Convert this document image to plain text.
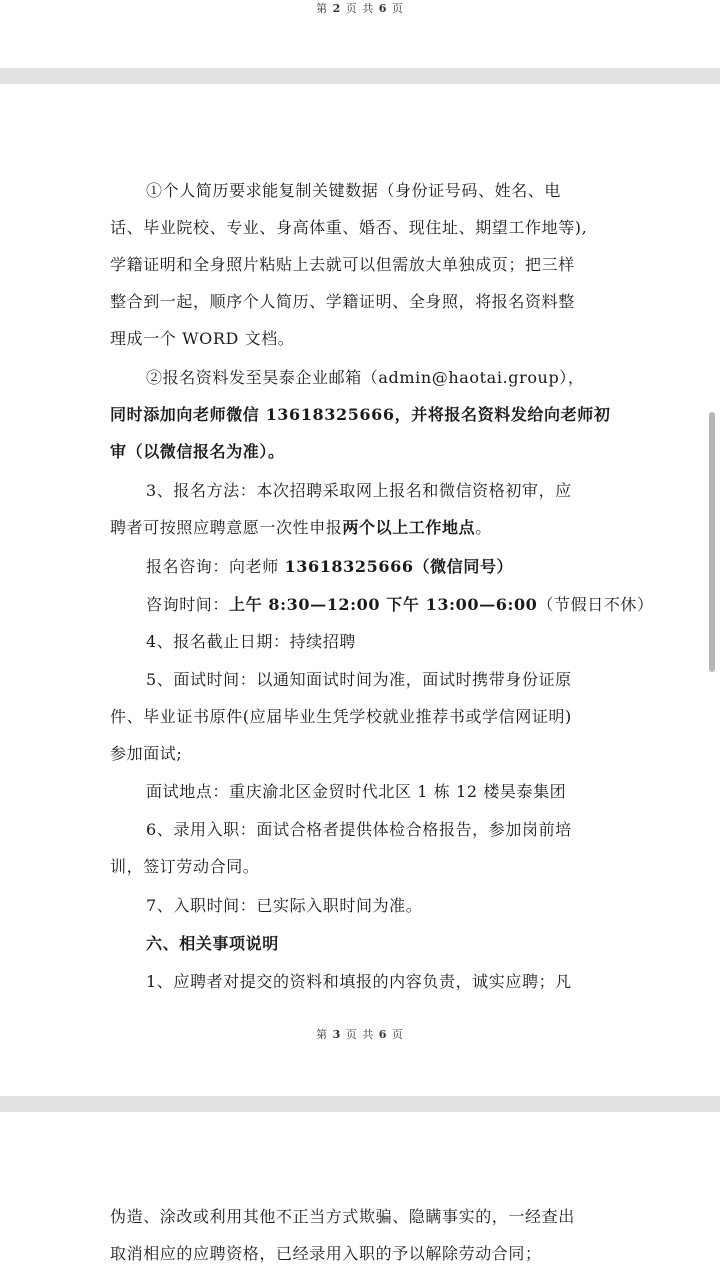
第 2 页 共 6 页
①个人简历要求能复制关键数据（身份证号码、姓名、电
话、毕业院校、专业、身高体重、婚否、现住址、期望工作地等),
学籍证明和全身照片粘贴上去就可以但需放大单独成页；把三样
整合到一起，顺序个人简历、学籍证明、全身照，将报名资料整
理成一个 WORD 文档。
②报名资料发至昊泰企业邮箱（admin@haotai.group），
同时添加向老师微信 13618325666，并将报名资料发给向老师初
审（以微信报名为准）。
3、报名方法：本次招聘采取网上报名和微信资格初审，应
聘者可按照应聘意愿一次性申报两个以上工作地点。
报名咨询：向老师 13618325666（微信同号）
咨询时间：上午 8:30—12:00 下午 13:00—6:00（节假日不休）
4、报名截止日期：持续招聘
5、面试时间：以通知面试时间为准，面试时携带身份证原
件、毕业证书原件(应届毕业生凭学校就业推荐书或学信网证明)
参加面试;
面试地点：重庆渝北区金贸时代北区 1 栋 12 楼昊泰集团
6、录用入职：面试合格者提供体检合格报告，参加岗前培
训，签订劳动合同。
7、入职时间：已实际入职时间为准。
六、相关事项说明
1、应聘者对提交的资料和填报的内容负责，诚实应聘；凡
第 3 页 共 6 页
伪造、涂改或利用其他不正当方式欺骗、隐瞒事实的，一经查出
取消相应的应聘资格，已经录用入职的予以解除劳动合同；
